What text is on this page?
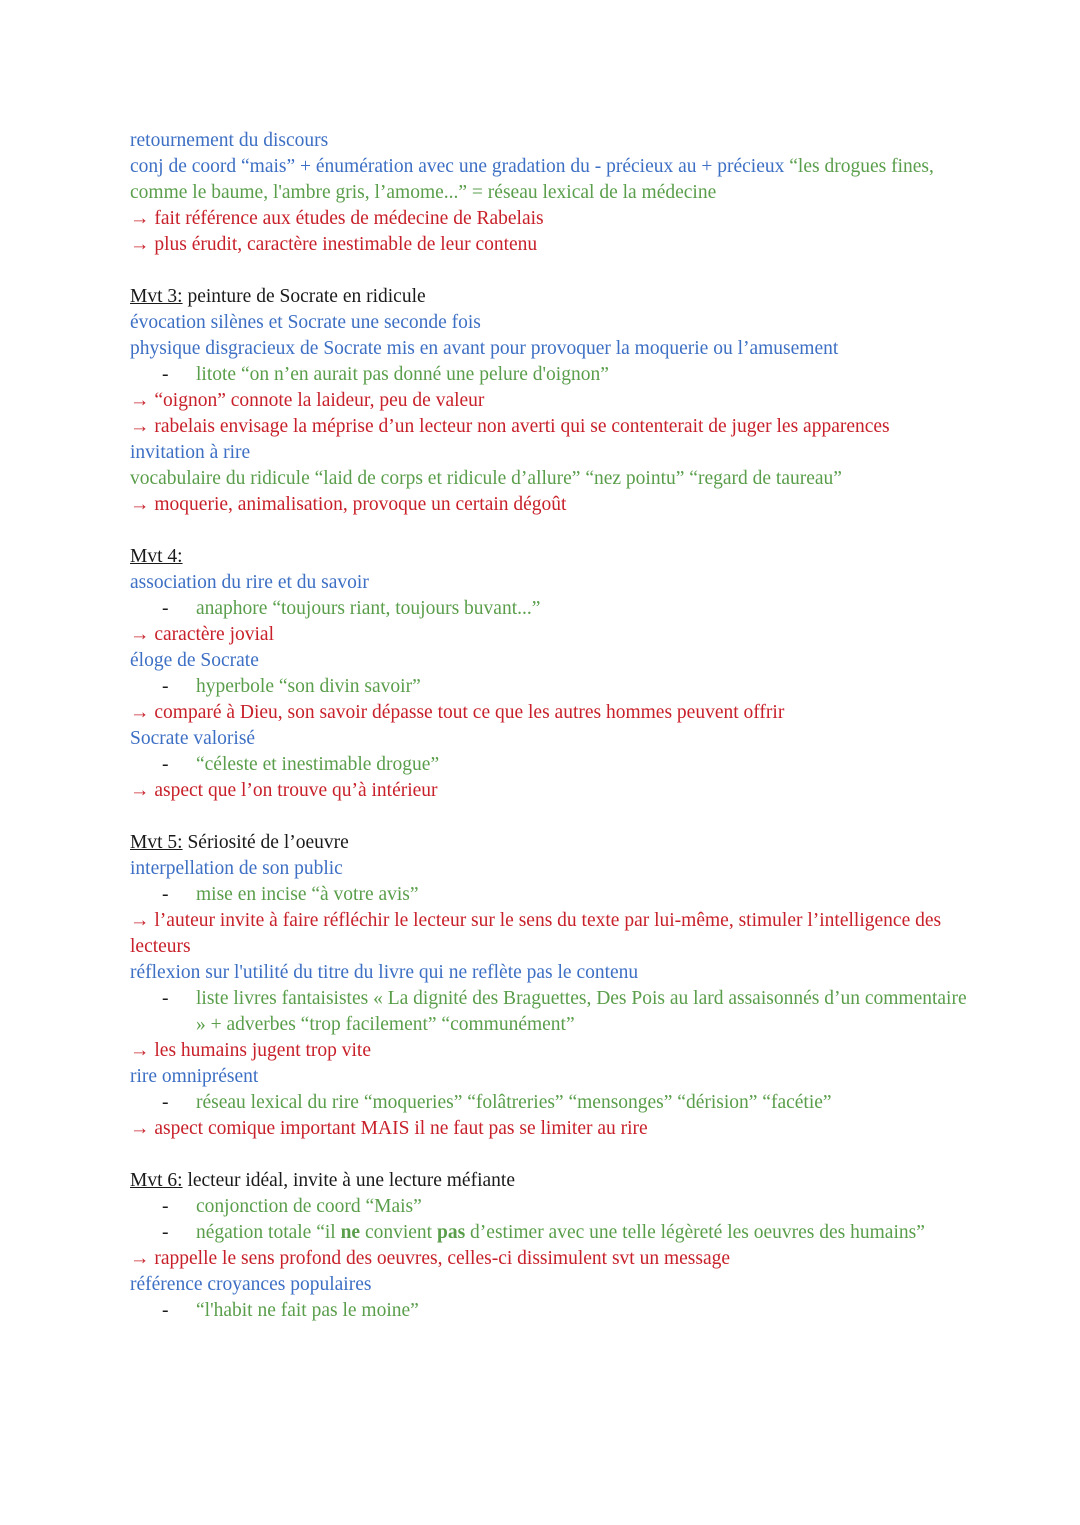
retournement du discours
conj de coord “mais” + énumération avec une gradation du - précieux au + précieux “les drogues fines, comme le baume, l'ambre gris, l’amome...” = réseau lexical de la médecine
→ fait référence aux études de médecine de Rabelais
→ plus érudit, caractère inestimable de leur contenu
Mvt 3: peinture de Socrate en ridicule
évocation silènes et Socrate une seconde fois
physique disgracieux de Socrate mis en avant pour provoquer la moquerie ou l’amusement
-	litote “on n’en aurait pas donné une pelure d'oignon”
→ “oignon” connote la laideur, peu de valeur
→ rabelais envisage la méprise d’un lecteur non averti qui se contenterait de juger les apparences
invitation à rire
vocabulaire du ridicule “laid de corps et ridicule d’allure” “nez pointu” “regard de taureau”
→ moquerie, animalisation, provoque un certain dégoût
Mvt 4:
association du rire et du savoir
-	anaphore “toujours riant, toujours buvant...”
→ caractère jovial
éloge de Socrate
-	hyperbole “son divin savoir”
→ comparé à Dieu, son savoir dépasse tout ce que les autres hommes peuvent offrir
Socrate valorisé
-	“céleste et inestimable drogue”
→ aspect que l’on trouve qu’à intérieur
Mvt 5: Sériosité de l’oeuvre
interpellation de son public
-	mise en incise “à votre avis”
→ l’auteur invite à faire réfléchir le lecteur sur le sens du texte par lui-même, stimuler l’intelligence des lecteurs
réflexion sur l'utilité du titre du livre qui ne reflète pas le contenu
-	liste livres fantaisistes « La dignité des Braguettes, Des Pois au lard assaisonnés d’un commentaire » + adverbes “trop facilement” “communément”
→ les humains jugent trop vite
rire omniprésent
-	réseau lexical du rire “moqueries” “folâtreries” “mensonges” “dérision” “facétie”
→ aspect comique important MAIS il ne faut pas se limiter au rire
Mvt 6: lecteur idéal, invite à une lecture méfiante
-	conjonction de coord “Mais”
-	négation totale “il ne convient pas d’estimer avec une telle légèreté les oeuvres des humains”
→ rappelle le sens profond des oeuvres, celles-ci dissimulent svt un message
référence croyances populaires
-	“l'habit ne fait pas le moine”
